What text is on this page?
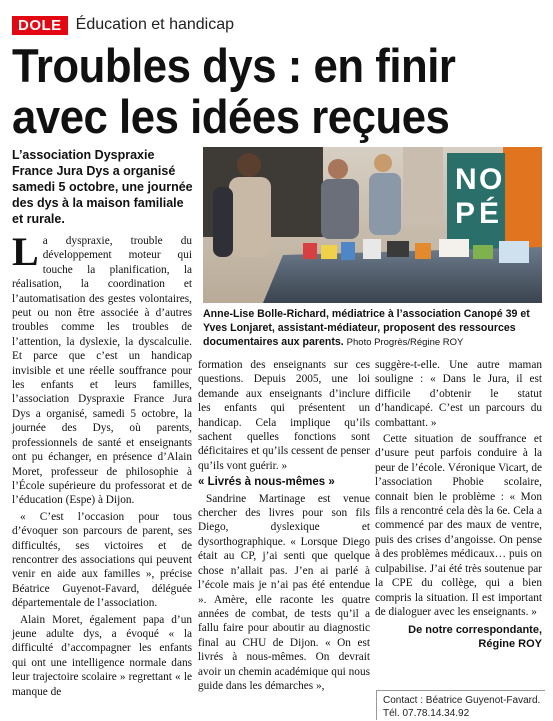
DOLE Éducation et handicap
Troubles dys : en finir
avec les idées reçues
L’association Dyspraxie France Jura Dys a organisé samedi 5 octobre, une journée des dys à la maison familiale et rurale.
N O
P É
Anne-Lise Bolle-Richard, médiatrice à l’association Canopé 39 et Yves Lonjaret, assistant-médiateur, proposent des ressources documentaires aux parents. Photo Progrès/Régine ROY

La dyspraxie, trouble du développement moteur qui touche la planification, la réalisation, la coordination et l’automatisation des gestes volontaires, peut ou non être associée à d’autres troubles comme les troubles de l’attention, la dyslexie, la dyscalculie. Et parce que c’est un handicap invisible et une réelle souffrance pour les enfants et leurs familles, l’association Dyspraxie France Jura Dys a organisé, samedi 5 octobre, la journée des Dys, où parents, professionnels de santé et enseignants ont pu échanger, en présence d’Alain Moret, professeur de philosophie à l’École supérieure du professorat et de l’éducation (Espe) à Dijon.

« C’est l’occasion pour tous d’évoquer son parcours de parent, ses difficultés, ses victoires et de rencontrer des associations qui peuvent venir en aide aux familles », précise Béatrice Guyenot-Favard, déléguée départementale de l’association.

Alain Moret, également papa d’un jeune adulte dys, a évoqué « la difficulté d’accompagner les enfants qui ont une intelligence normale dans leur trajectoire scolaire » regrettant « le manque de

formation des enseignants sur ces questions. Depuis 2005, une loi demande aux enseignants d’inclure les enfants qui présentent un handicap. Cela implique qu’ils sachent quelles fonctions sont déficitaires et qu’ils cessent de penser qu’ils vont guérir. »

« Livrés à nous-mêmes »

Sandrine Martinage est venue chercher des livres pour son fils Diego, dyslexique et dysorthographique. « Lorsque Diego était au CP, j’ai senti que quelque chose n’allait pas. J’en ai parlé à l’école mais je n’ai pas été entendue ». Amère, elle raconte les quatre années de combat, de tests qu’il a fallu faire pour aboutir au diagnostic final au CHU de Dijon. « On est livrés à nous-mêmes. On devrait avoir un chemin académique qui nous guide dans les démarches »,

suggère-t-elle. Une autre maman souligne : « Dans le Jura, il est difficile d’obtenir le statut d’handicapé. C’est un parcours du combattant. »

Cette situation de souffrance et d’usure peut parfois conduire à la peur de l’école. Véronique Vicart, de l’association Phobie scolaire, connait bien le problème : « Mon fils a rencontré cela dès la 6e. Cela a commencé par des maux de ventre, puis des crises d’angoisse. On pense à des problèmes médicaux… puis on culpabilise. J’ai été très soutenue par la CPE du collège, qui a bien compris la situation. Il est important de dialoguer avec les enseignants. »

De notre correspondante,
Régine ROY
Contact : Béatrice Guyenot-Favard. Tél. 07.78.14.34.92
